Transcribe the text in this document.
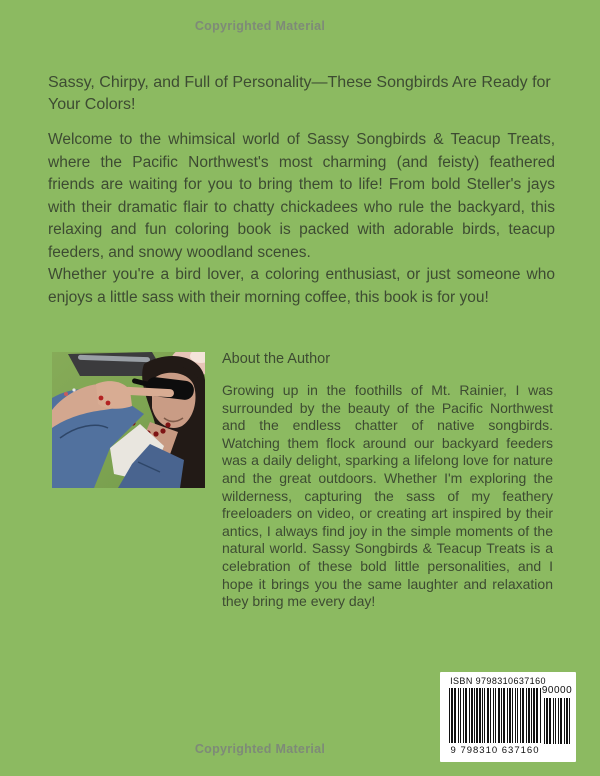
Copyrighted Material
Sassy, Chirpy, and Full of Personality—These Songbirds Are Ready for Your Colors!
Welcome to the whimsical world of Sassy Songbirds & Teacup Treats, where the Pacific Northwest's most charming (and feisty) feathered friends are waiting for you to bring them to life! From bold Steller's jays with their dramatic flair to chatty chickadees who rule the backyard, this relaxing and fun coloring book is packed with adorable birds, teacup feeders, and snowy woodland scenes.
Whether you're a bird lover, a coloring enthusiast, or just someone who enjoys a little sass with their morning coffee, this book is for you!
About the Author
Growing up in the foothills of Mt. Rainier, I was surrounded by the beauty of the Pacific Northwest and the endless chatter of native songbirds. Watching them flock around our backyard feeders was a daily delight, sparking a lifelong love for nature and the great outdoors. Whether I'm exploring the wilderness, capturing the sass of my feathery freeloaders on video, or creating art inspired by their antics, I always find joy in the simple moments of the natural world. Sassy Songbirds & Teacup Treats is a celebration of these bold little personalities, and I hope it brings you the same laughter and relaxation they bring me every day!
ISBN 9798310637160
9 798310 637160
90000
Copyrighted Material
